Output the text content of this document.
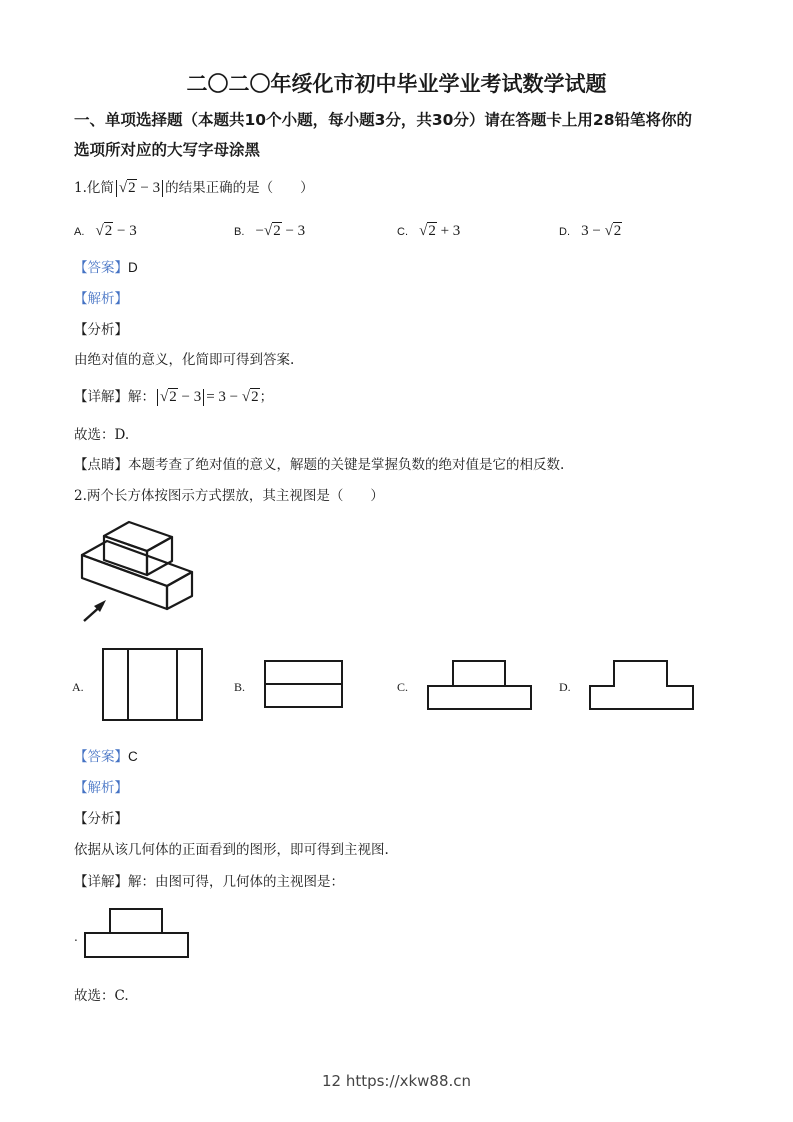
二〇二〇年绥化市初中毕业学业考试数学试题
一、单项选择题（本题共10个小题，每小题3分，共30分）请在答题卡上用28铅笔将你的
选项所对应的大写字母涂黑
1.化简 √2 − 3 的结果正确的是（　　）
A. √2 − 3	B. −√2 − 3	C. √2 + 3	D. 3 − √2
【答案】D
【解析】
【分析】
由绝对值的意义，化简即可得到答案.
【详解】解： √2 − 3 = 3 − √2；
故选：D.
【点睛】本题考查了绝对值的意义，解题的关键是掌握负数的绝对值是它的相反数.
2.两个长方体按图示方式摆放，其主视图是（　　）
A.	B.	C.	D.
【答案】C
【解析】
【分析】
依据从该几何体的正面看到的图形，即可得到主视图.
【详解】解：由图可得，几何体的主视图是：
.
故选：C.
12 https://xkw88.cn
